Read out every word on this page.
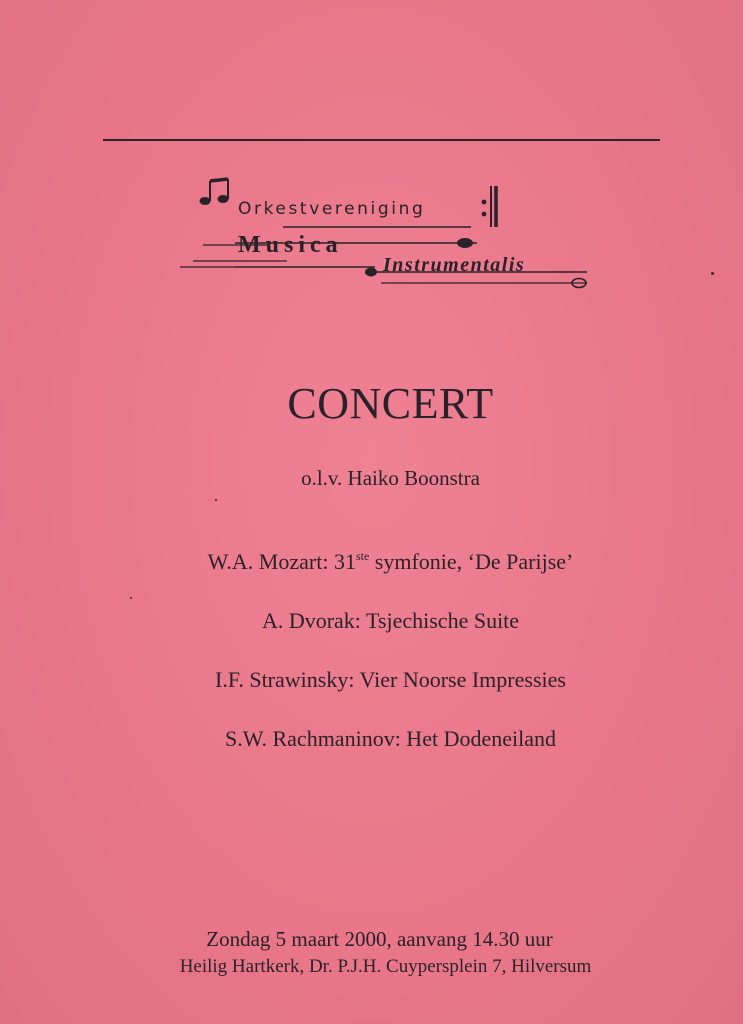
Orkestvereniging
Musica
Instrumentalis
CONCERT
o.l.v. Haiko Boonstra
W.A. Mozart: 31ste symfonie, ‘De Parijse’
A. Dvorak: Tsjechische Suite
I.F. Strawinsky: Vier Noorse Impressies
S.W. Rachmaninov: Het Dodeneiland
Zondag 5 maart 2000, aanvang 14.30 uur
Heilig Hartkerk, Dr. P.J.H. Cuypersplein 7, Hilversum
